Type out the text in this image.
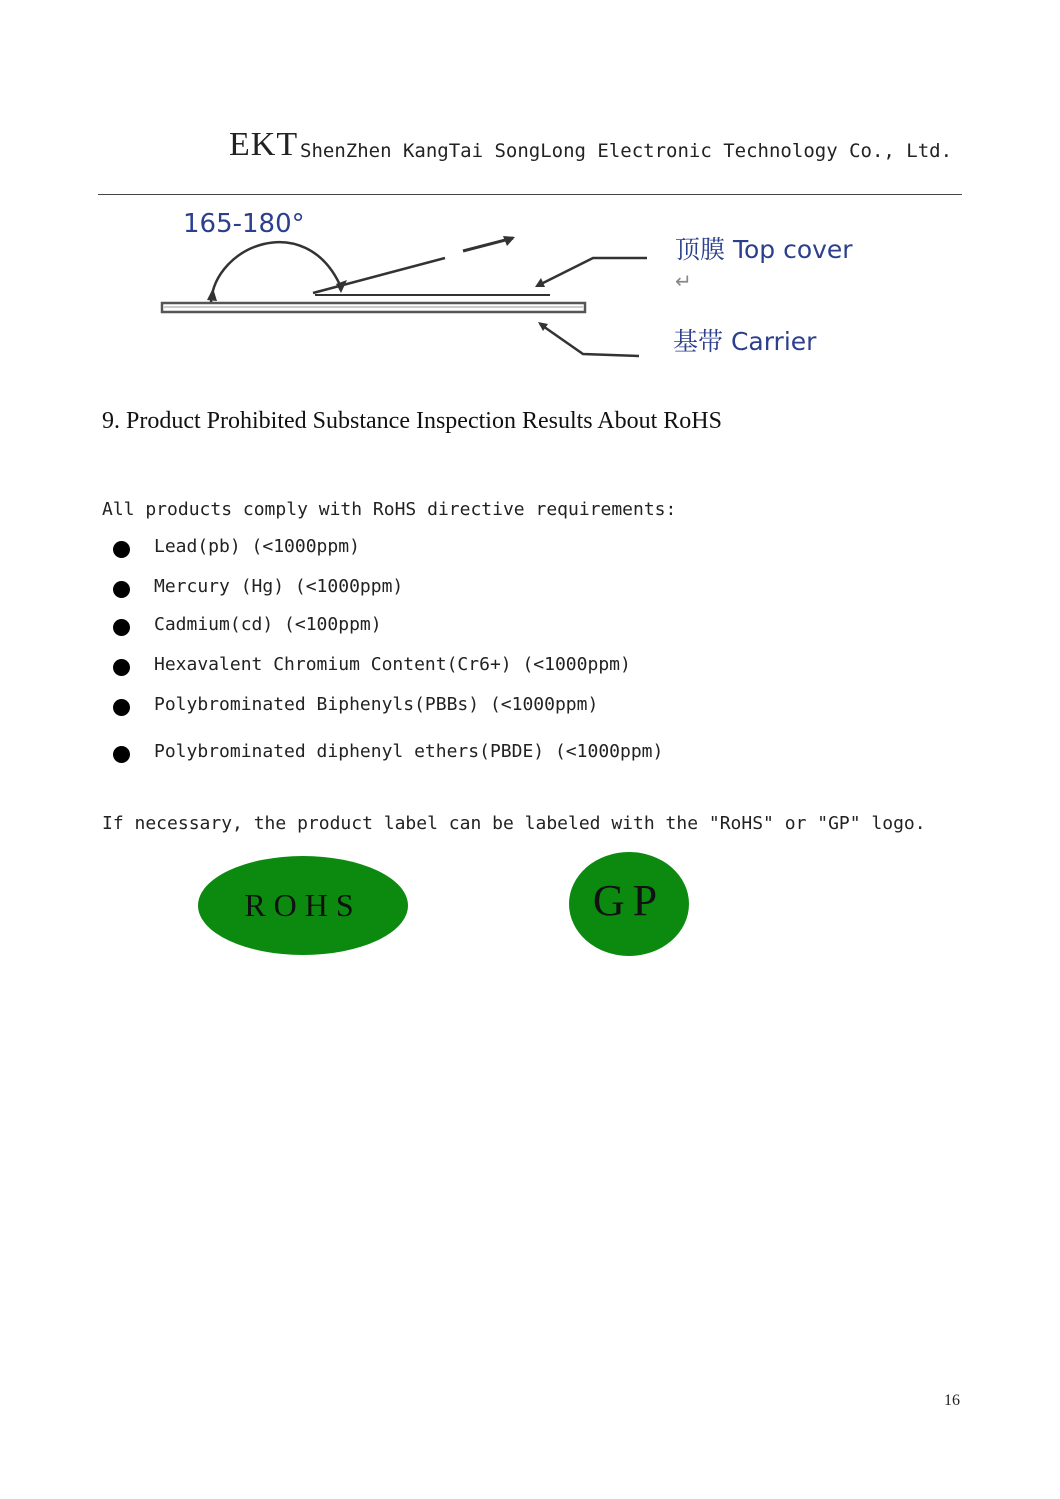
EKT ShenZhen KangTai SongLong Electronic Technology Co., Ltd.
165-180°
顶膜 Top cover
↵
基带 Carrier
9. Product Prohibited Substance Inspection Results About RoHS
All products comply with RoHS directive requirements:
Lead(pb) (<1000ppm)
Mercury (Hg) (<1000ppm)
Cadmium(cd) (<100ppm)
Hexavalent Chromium Content(Cr6+) (<1000ppm)
Polybrominated Biphenyls(PBBs) (<1000ppm)
Polybrominated diphenyl ethers(PBDE) (<1000ppm)
If necessary, the product label can be labeled with the "RoHS" or "GP" logo.
ROHS	GP
16
